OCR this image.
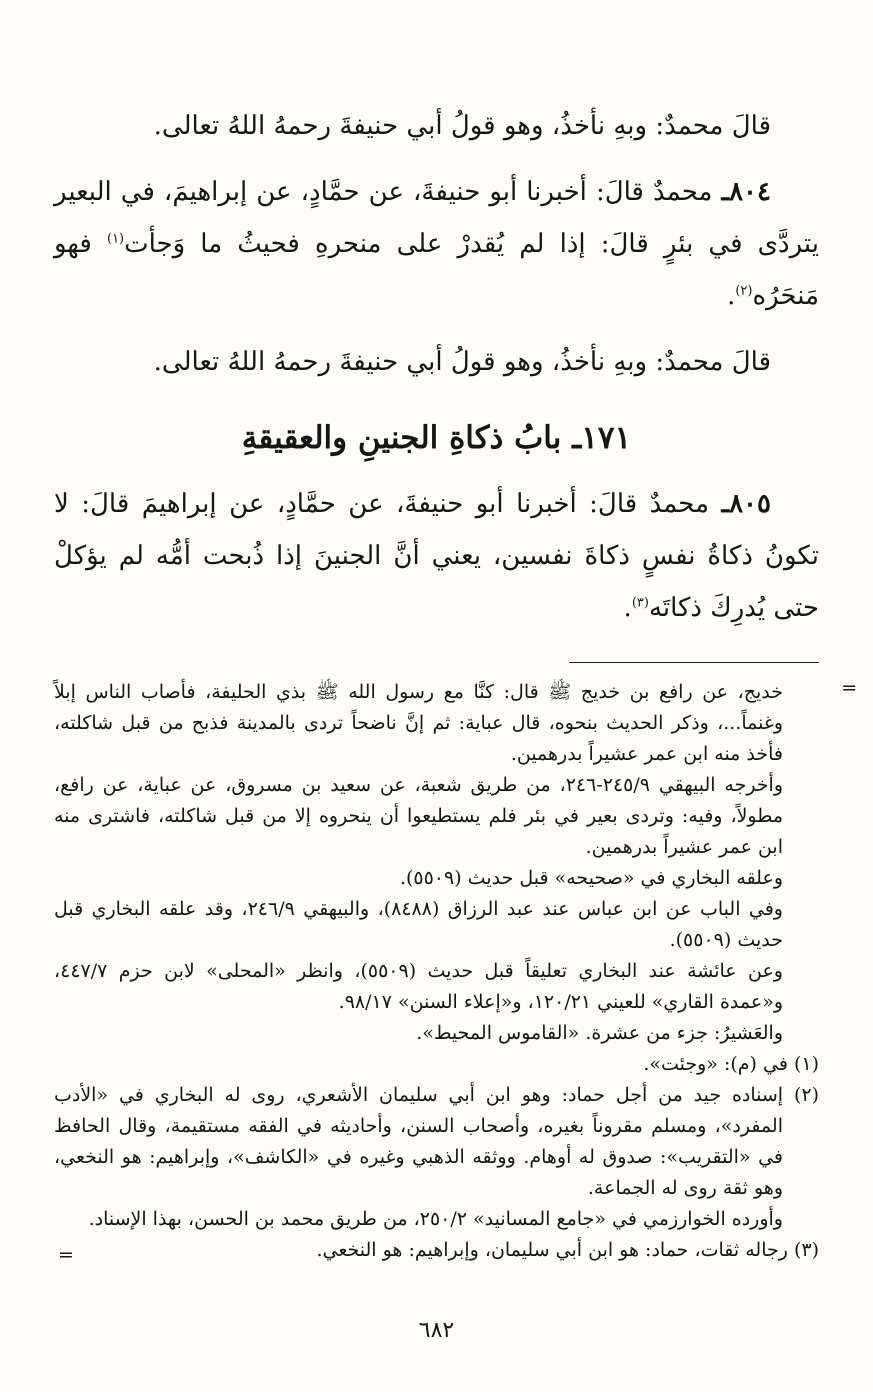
قالَ محمدٌ: وبهِ نأخذُ، وهو قولُ أبي حنيفةَ رحمهُ اللهُ تعالى.

٨٠٤ـ محمدٌ قالَ: أخبرنا أبو حنيفةَ، عن حمَّادٍ، عن إبراهيمَ، في البعير يتردَّى في بئرٍ قالَ: إذا لم يُقدرْ على منحرهِ فحيثُ ما وَجأت$^{(١)}$ فهو مَنحَرُه$^{(٢)}$.

قالَ محمدٌ: وبهِ نأخذُ، وهو قولُ أبي حنيفةَ رحمهُ اللهُ تعالى.

١٧١ـ بابُ ذكاةِ الجنينِ والعقيقةِ

٨٠٥ـ محمدٌ قالَ: أخبرنا أبو حنيفةَ، عن حمَّادٍ، عن إبراهيمَ قالَ: لا تكونُ ذكاةُ نفسٍ ذكاةَ نفسين، يعني أنَّ الجنينَ إذا ذُبحت أمُّه لم يؤكلْ حتى يُدرِكَ ذكاتَه$^{(٣)}$.

=

خديج، عن رافع بن خديج ﷺ قال: كنَّا مع رسول الله ﷺ بذي الحليفة، فأصاب الناس إبلاً وغنماً...، وذكر الحديث بنحوه، قال عباية: ثم إنَّ ناضحاً تردى بالمدينة فذبح من قبل شاكلته، فأخذ منه ابن عمر عشيراً بدرهمين.

وأخرجه البيهقي ٢٤٥/٩-٢٤٦، من طريق شعبة، عن سعيد بن مسروق، عن عباية، عن رافع، مطولاً، وفيه: وتردى بعير في بئر فلم يستطيعوا أن ينحروه إلا من قبل شاكلته، فاشترى منه ابن عمر عشيراً بدرهمين.

وعلقه البخاري في «صحيحه» قبل حديث (٥٥٠٩).

وفي الباب عن ابن عباس عند عبد الرزاق (٨٤٨٨)، والبيهقي ٢٤٦/٩، وقد علقه البخاري قبل حديث (٥٥٠٩).

وعن عائشة عند البخاري تعليقاً قبل حديث (٥٥٠٩)، وانظر «المحلى» لابن حزم ٤٤٧/٧، و«عمدة القاري» للعيني ١٢٠/٢١، و«إعلاء السنن» ٩٨/١٧.

والعَشيرُ: جزء من عشرة. «القاموس المحيط».

(١) في (م): «وجئت».

(٢) إسناده جيد من أجل حماد: وهو ابن أبي سليمان الأشعري، روى له البخاري في «الأدب المفرد»، ومسلم مقروناً بغيره، وأصحاب السنن، وأحاديثه في الفقه مستقيمة، وقال الحافظ في «التقريب»: صدوق له أوهام. ووثقه الذهبي وغيره في «الكاشف»، وإبراهيم: هو النخعي، وهو ثقة روى له الجماعة.

وأورده الخوارزمي في «جامع المسانيد» ٢٥٠/٢، من طريق محمد بن الحسن، بهذا الإسناد.

(٣) رجاله ثقات، حماد: هو ابن أبي سليمان، وإبراهيم: هو النخعي.

=
٦٨٢
